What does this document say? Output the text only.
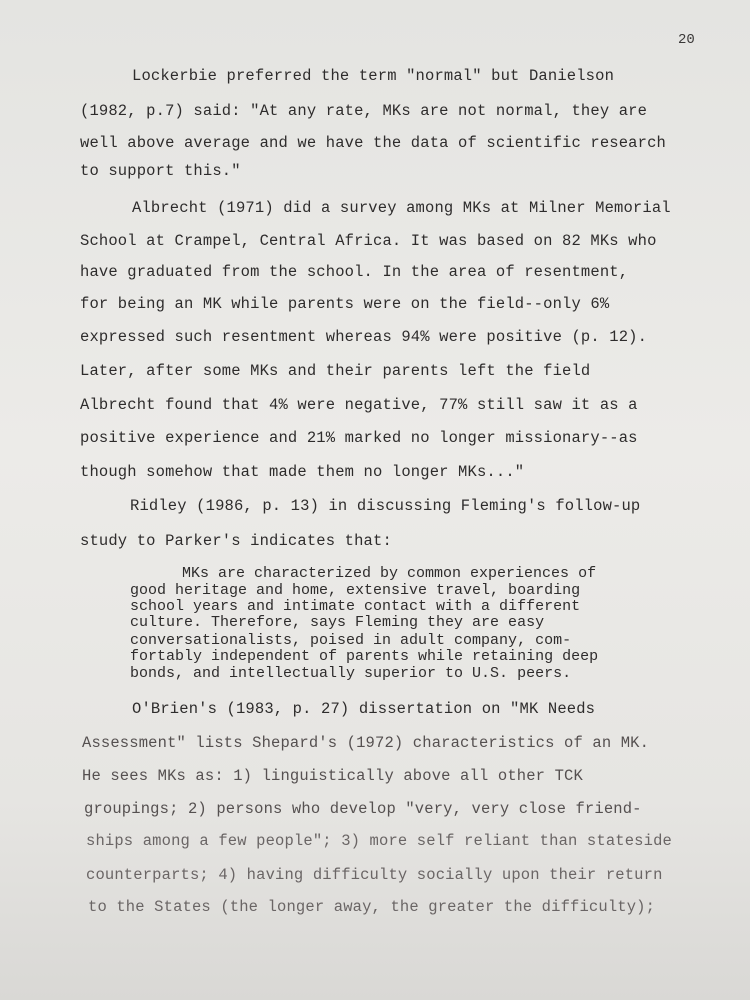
20
Lockerbie preferred the term "normal" but Danielson
(1982, p.7) said: "At any rate, MKs are not normal, they are
well above average and we have the data of scientific research
to support this."
Albrecht (1971) did a survey among MKs at Milner Memorial
School at Crampel, Central Africa. It was based on 82 MKs who
have graduated from the school. In the area of resentment,
for being an MK while parents were on the field--only 6%
expressed such resentment whereas 94% were positive (p. 12).
Later, after some MKs and their parents left the field
Albrecht found that 4% were negative, 77% still saw it as a
positive experience and 21% marked no longer missionary--as
though somehow that made them no longer MKs..."
Ridley (1986, p. 13) in discussing Fleming's follow-up
study to Parker's indicates that:
MKs are characterized by common experiences of
good heritage and home, extensive travel, boarding
school years and intimate contact with a different
culture. Therefore, says Fleming they are easy
conversationalists, poised in adult company, com-
fortably independent of parents while retaining deep
bonds, and intellectually superior to U.S. peers.
O'Brien's (1983, p. 27) dissertation on "MK Needs
Assessment" lists Shepard's (1972) characteristics of an MK.
He sees MKs as: 1) linguistically above all other TCK
groupings; 2) persons who develop "very, very close friend-
ships among a few people"; 3) more self reliant than stateside
counterparts; 4) having difficulty socially upon their return
to the States (the longer away, the greater the difficulty);
